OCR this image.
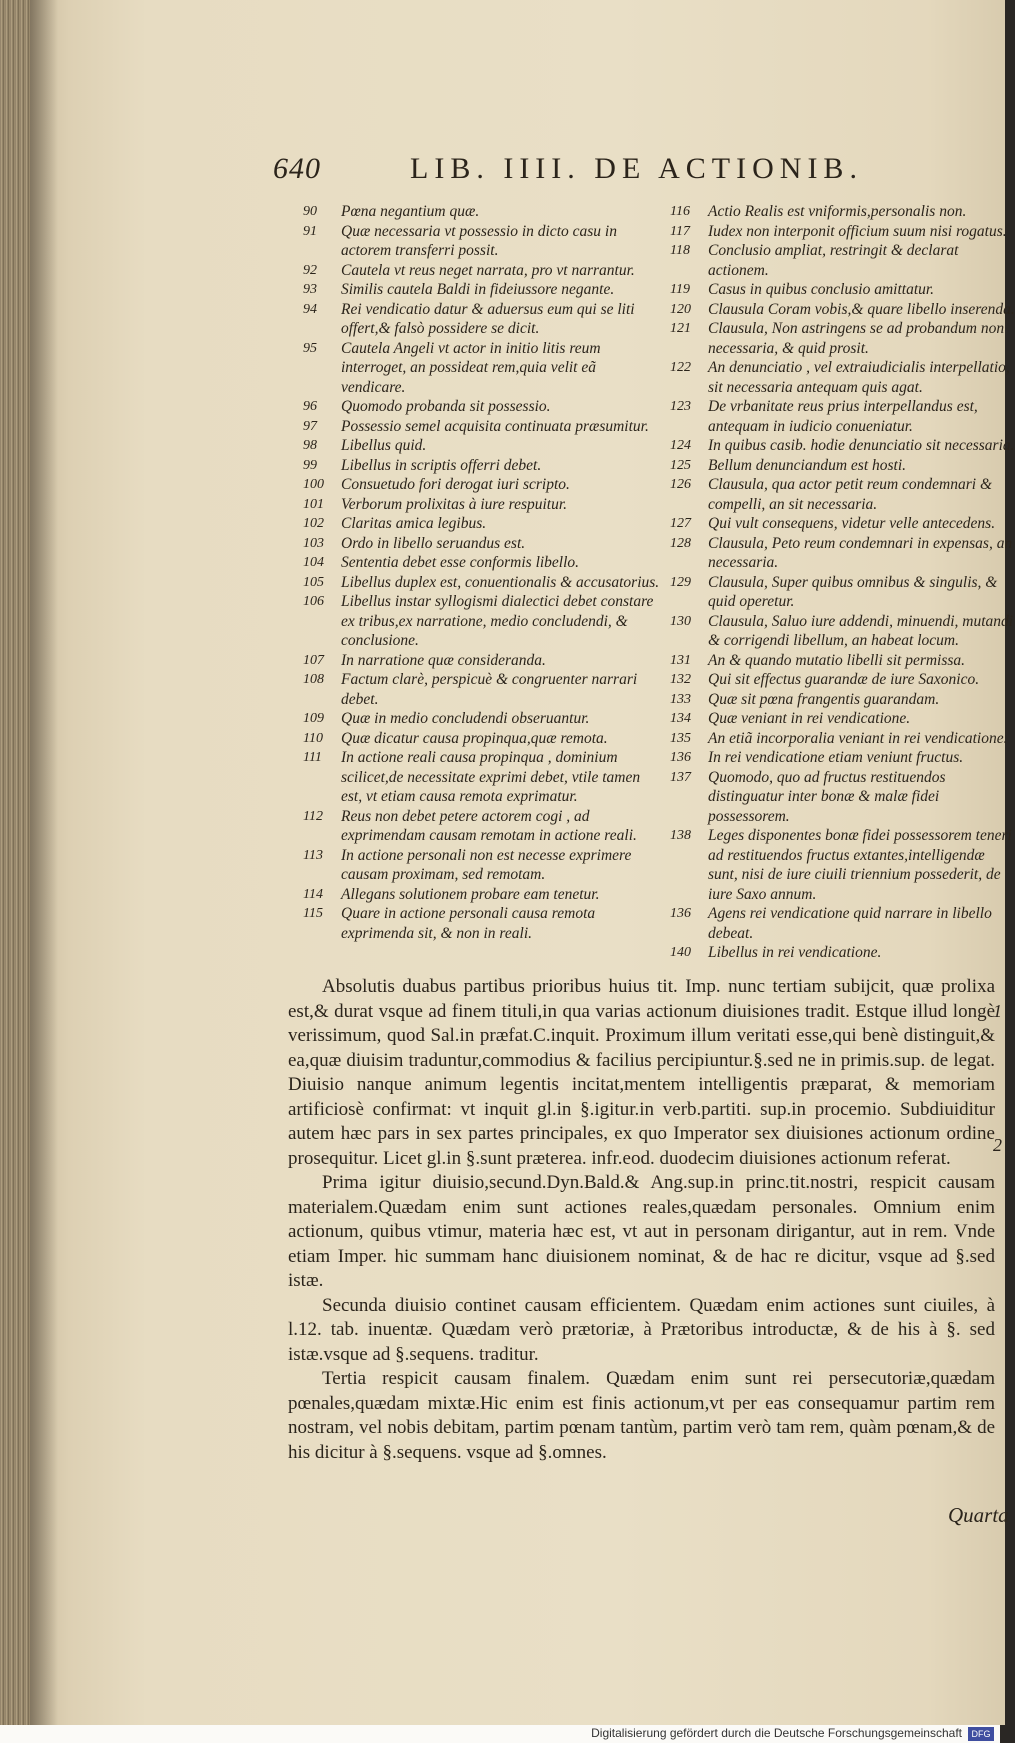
640	LIB. IIII. DE ACTIONIB.
90	Pœna negantium quæ.
91	Quæ necessaria vt possessio in dicto casu in actorem transferri possit.
92	Cautela vt reus neget narrata, pro vt narrantur.
93	Similis cautela Baldi in fideiussore negante.
94	Rei vendicatio datur & aduersus eum qui se liti offert,& falsò possidere se dicit.
95	Cautela Angeli vt actor in initio litis reum interroget, an possideat rem,quia velit eã vendicare.
96	Quomodo probanda sit possessio.
97	Possessio semel acquisita continuata præsumitur.
98	Libellus quid.
99	Libellus in scriptis offerri debet.
100	Consuetudo fori derogat iuri scripto.
101	Verborum prolixitas à iure respuitur.
102	Claritas amica legibus.
103	Ordo in libello seruandus est.
104	Sententia debet esse conformis libello.
105	Libellus duplex est, conuentionalis & accusatorius.
106	Libellus instar syllogismi dialectici debet constare ex tribus,ex narratione, medio concludendi, & conclusione.
107	In narratione quæ consideranda.
108	Factum clarè, perspicuè & congruenter narrari debet.
109	Quæ in medio concludendi obseruantur.
110	Quæ dicatur causa propinqua,quæ remota.
111	In actione reali causa propinqua , dominium scilicet,de necessitate exprimi debet, vtile tamen est, vt etiam causa remota exprimatur.
112	Reus non debet petere actorem cogi , ad exprimendam causam remotam in actione reali.
113	In actione personali non est necesse exprimere causam proximam, sed remotam.
114	Allegans solutionem probare eam tenetur.
115	Quare in actione personali causa remota exprimenda sit, & non in reali.
116	Actio Realis est vniformis,personalis non.
117	Iudex non interponit officium suum nisi rogatus.
118	Conclusio ampliat, restringit & declarat actionem.
119	Casus in quibus conclusio amittatur.
120	Clausula Coram vobis,& quare libello inserenda.
121	Clausula, Non astringens se ad probandum non necessaria, & quid prosit.
122	An denunciatio , vel extraiudicialis interpellatio, sit necessaria antequam quis agat.
123	De vrbanitate reus prius interpellandus est, antequam in iudicio conueniatur.
124	In quibus casib. hodie denunciatio sit necessaria.
125	Bellum denunciandum est hosti.
126	Clausula, qua actor petit reum condemnari & compelli, an sit necessaria.
127	Qui vult consequens, videtur velle antecedens.
128	Clausula, Peto reum condemnari in expensas, an necessaria.
129	Clausula, Super quibus omnibus & singulis, & quid operetur.
130	Clausula, Saluo iure addendi, minuendi, mutandi & corrigendi libellum, an habeat locum.
131	An & quando mutatio libelli sit permissa.
132	Qui sit effectus guarandæ de iure Saxonico.
133	Quæ sit pœna frangentis guarandam.
134	Quæ veniant in rei vendicatione.
135	An etiã incorporalia veniant in rei vendicatione.
136	In rei vendicatione etiam veniunt fructus.
137	Quomodo, quo ad fructus restituendos distinguatur inter bonæ & malæ fidei possessorem.
138	Leges disponentes bonæ fidei possessorem teneri ad restituendos fructus extantes,intelligendæ sunt, nisi de iure ciuili triennium possederit, de iure Saxo annum.
136	Agens rei vendicatione quid narrare in libello debeat.
140	Libellus in rei vendicatione.

Absolutis duabus partibus prioribus huius tit. Imp. nunc tertiam subijcit, quæ prolixa est,& durat vsque ad finem tituli,in qua varias actionum diuisiones tradit. Estque illud longè verissimum, quod Sal.in præfat.C.inquit. Proximum illum veritati esse,qui benè distinguit,& ea,quæ diuisim traduntur,commodius & facilius percipiuntur.§.sed ne in primis.sup. de legat. Diuisio nanque animum legentis incitat,mentem intelligentis præparat, & memoriam artificiosè confirmat: vt inquit gl.in §.igitur.in verb.partiti. sup.in procemio. Subdiuiditur autem hæc pars in sex partes principales, ex quo Imperator sex diuisiones actionum ordine prosequitur. Licet gl.in §.sunt præterea. infr.eod. duodecim diuisiones actionum referat.

Prima igitur diuisio,secund.Dyn.Bald.& Ang.sup.in princ.tit.nostri, respicit causam materialem.Quædam enim sunt actiones reales,quædam personales. Omnium enim actionum, quibus vtimur, materia hæc est, vt aut in personam dirigantur, aut in rem. Vnde etiam Imper. hic summam hanc diuisionem nominat, & de hac re dicitur, vsque ad §.sed istæ.

Secunda diuisio continet causam efficientem. Quædam enim actiones sunt ciuiles, à l.12. tab. inuentæ. Quædam verò prætoriæ, à Prætoribus introductæ, & de his à §. sed istæ.vsque ad §.sequens. traditur.

Tertia respicit causam finalem. Quædam enim sunt rei persecutoriæ,quædam pœnales,quædam mixtæ.Hic enim est finis actionum,vt per eas consequamur partim rem nostram, vel nobis debitam, partim pœnam tantùm, partim verò tam rem, quàm pœnam,& de his dicitur à §.sequens. vsque ad §.omnes.

1
2
Quarta
Digitalisierung gefördert durch die Deutsche Forschungsgemeinschaft	DFG
